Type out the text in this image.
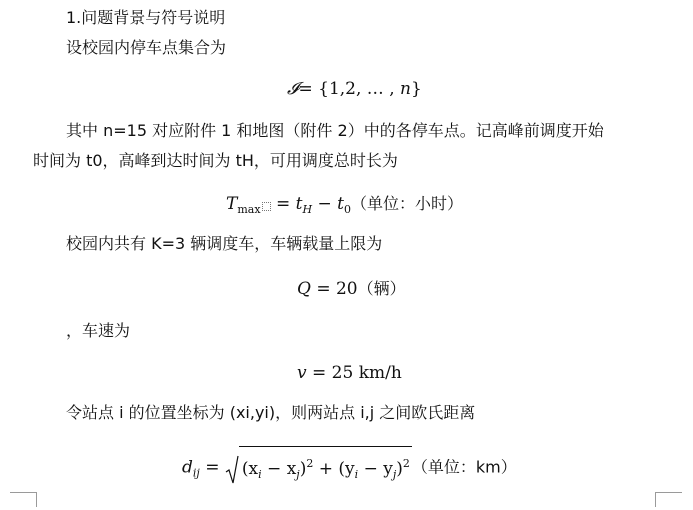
1.问题背景与符号说明
设校园内停车点集合为
𝓘= {1,2, … , 𝑛}
其中 n=15 对应附件 1 和地图（附件 2）中的各停车点。记高峰前调度开始
时间为 t0，高峰到达时间为 tH，可用调度总时长为
$T_{max} = t_H - t_0$（单位：小时）
校园内共有 K=3 辆调度车，车辆载量上限为
Q = 20（辆）
，车速为
v = 25 km/h
令站点 i 的位置坐标为 (xi,yi)，则两站点 i,j 之间欧氏距离
$d_{ij} = (x_i - x_j)^2 + (y_i - y_j)^2$ （单位：km）
